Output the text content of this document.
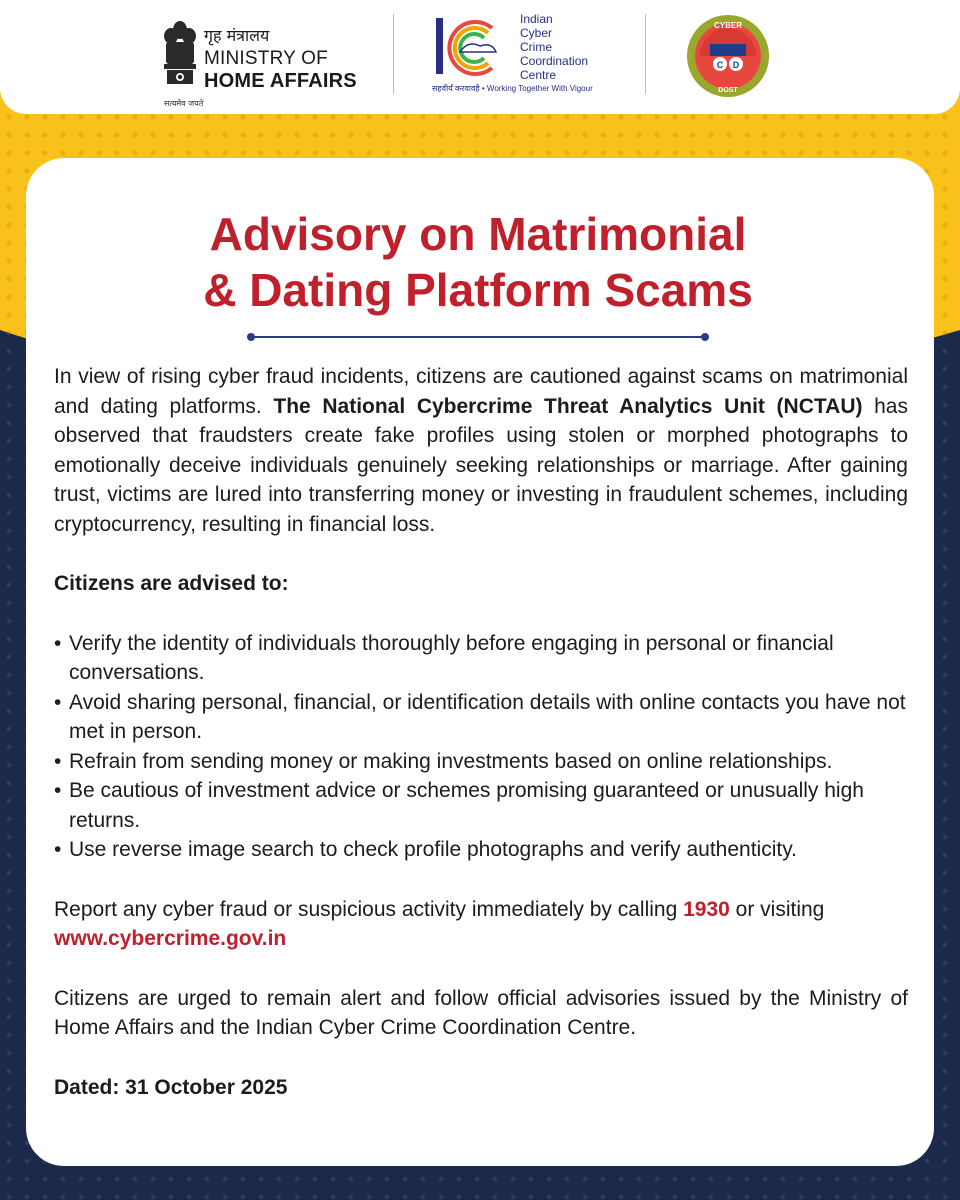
गृह मंत्रालय
MINISTRY OF
HOME AFFAIRS
सत्यमेव जयते
Indian
Cyber
Crime
Coordination
Centre
सहवीर्यं करवावहै • Working Together With Vigour
C D
CYBER
DOST
Advisory on Matrimonial
& Dating Platform Scams

In view of rising cyber fraud incidents, citizens are cautioned against scams on matrimonial and dating platforms. The National Cybercrime Threat Analytics Unit (NCTAU) has observed that fraudsters create fake profiles using stolen or morphed photographs to emotionally deceive individuals genuinely seeking relationships or marriage. After gaining trust, victims are lured into transferring money or investing in fraudulent schemes, including cryptocurrency, resulting in financial loss.

Citizens are advised to:

• Verify the identity of individuals thoroughly before engaging in personal or financial conversations.
• Avoid sharing personal, financial, or identification details with online contacts you have not met in person.
• Refrain from sending money or making investments based on online relationships.
• Be cautious of investment advice or schemes promising guaranteed or unusually high returns.
• Use reverse image search to check profile photographs and verify authenticity.

Report any cyber fraud or suspicious activity immediately by calling 1930 or visiting www.cybercrime.gov.in

Citizens are urged to remain alert and follow official advisories issued by the Ministry of Home Affairs and the Indian Cyber Crime Coordination Centre.

Dated: 31 October 2025
